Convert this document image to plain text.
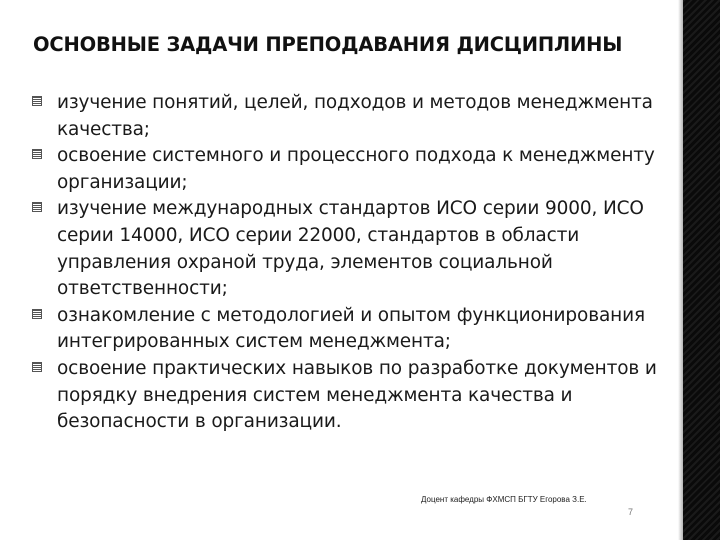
ОСНОВНЫЕ ЗАДАЧИ ПРЕПОДАВАНИЯ ДИСЦИПЛИНЫ
изучение понятий, целей, подходов и методов менеджмента качества;
освоение системного и процессного подхода к менеджменту организации;
изучение международных стандартов ИСО серии 9000, ИСО серии 14000, ИСО серии 22000, стандартов в области управления охраной труда, элементов социальной ответственности;
ознакомление с методологией и опытом функционирования интегрированных систем менеджмента;
освоение практических навыков по разработке документов и порядку внедрения систем менеджмента качества и безопасности в организации.
Доцент кафедры ФХМСП БГТУ Егорова З.Е.
7
